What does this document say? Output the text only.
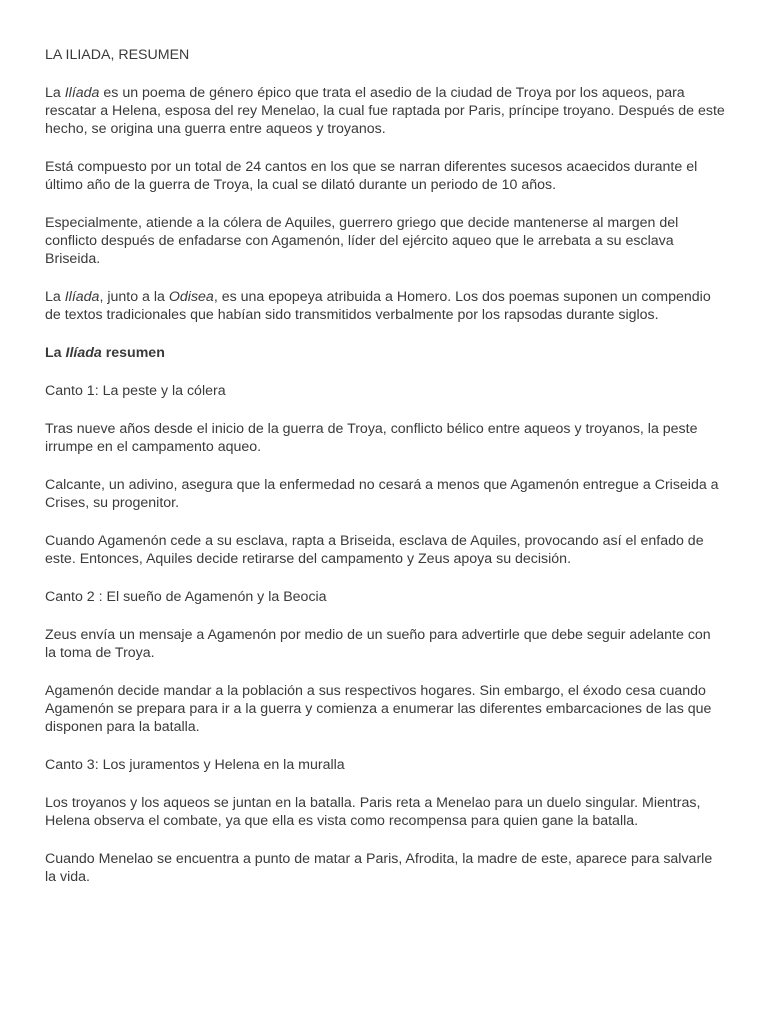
LA ILIADA, RESUMEN

La Ilíada es un poema de género épico que trata el asedio de la ciudad de Troya por los aqueos, para rescatar a Helena, esposa del rey Menelao, la cual fue raptada por Paris, príncipe troyano. Después de este hecho, se origina una guerra entre aqueos y troyanos.

Está compuesto por un total de 24 cantos en los que se narran diferentes sucesos acaecidos durante el último año de la guerra de Troya, la cual se dilató durante un periodo de 10 años.

Especialmente, atiende a la cólera de Aquiles, guerrero griego que decide mantenerse al margen del conflicto después de enfadarse con Agamenón, líder del ejército aqueo que le arrebata a su esclava Briseida.

La Ilíada, junto a la Odisea, es una epopeya atribuida a Homero. Los dos poemas suponen un compendio de textos tradicionales que habían sido transmitidos verbalmente por los rapsodas durante siglos.

La Ilíada resumen
Canto 1: La peste y la cólera

Tras nueve años desde el inicio de la guerra de Troya, conflicto bélico entre aqueos y troyanos, la peste irrumpe en el campamento aqueo.

Calcante, un adivino, asegura que la enfermedad no cesará a menos que Agamenón entregue a Criseida a Crises, su progenitor.

Cuando Agamenón cede a su esclava, rapta a Briseida, esclava de Aquiles, provocando así el enfado de este. Entonces, Aquiles decide retirarse del campamento y Zeus apoya su decisión.

Canto 2 : El sueño de Agamenón y la Beocia

Zeus envía un mensaje a Agamenón por medio de un sueño para advertirle que debe seguir adelante con la toma de Troya.

Agamenón decide mandar a la población a sus respectivos hogares. Sin embargo, el éxodo cesa cuando Agamenón se prepara para ir a la guerra y comienza a enumerar las diferentes embarcaciones de las que disponen para la batalla.

Canto 3: Los juramentos y Helena en la muralla

Los troyanos y los aqueos se juntan en la batalla. Paris reta a Menelao para un duelo singular. Mientras, Helena observa el combate, ya que ella es vista como recompensa para quien gane la batalla.

Cuando Menelao se encuentra a punto de matar a Paris, Afrodita, la madre de este, aparece para salvarle la vida.
